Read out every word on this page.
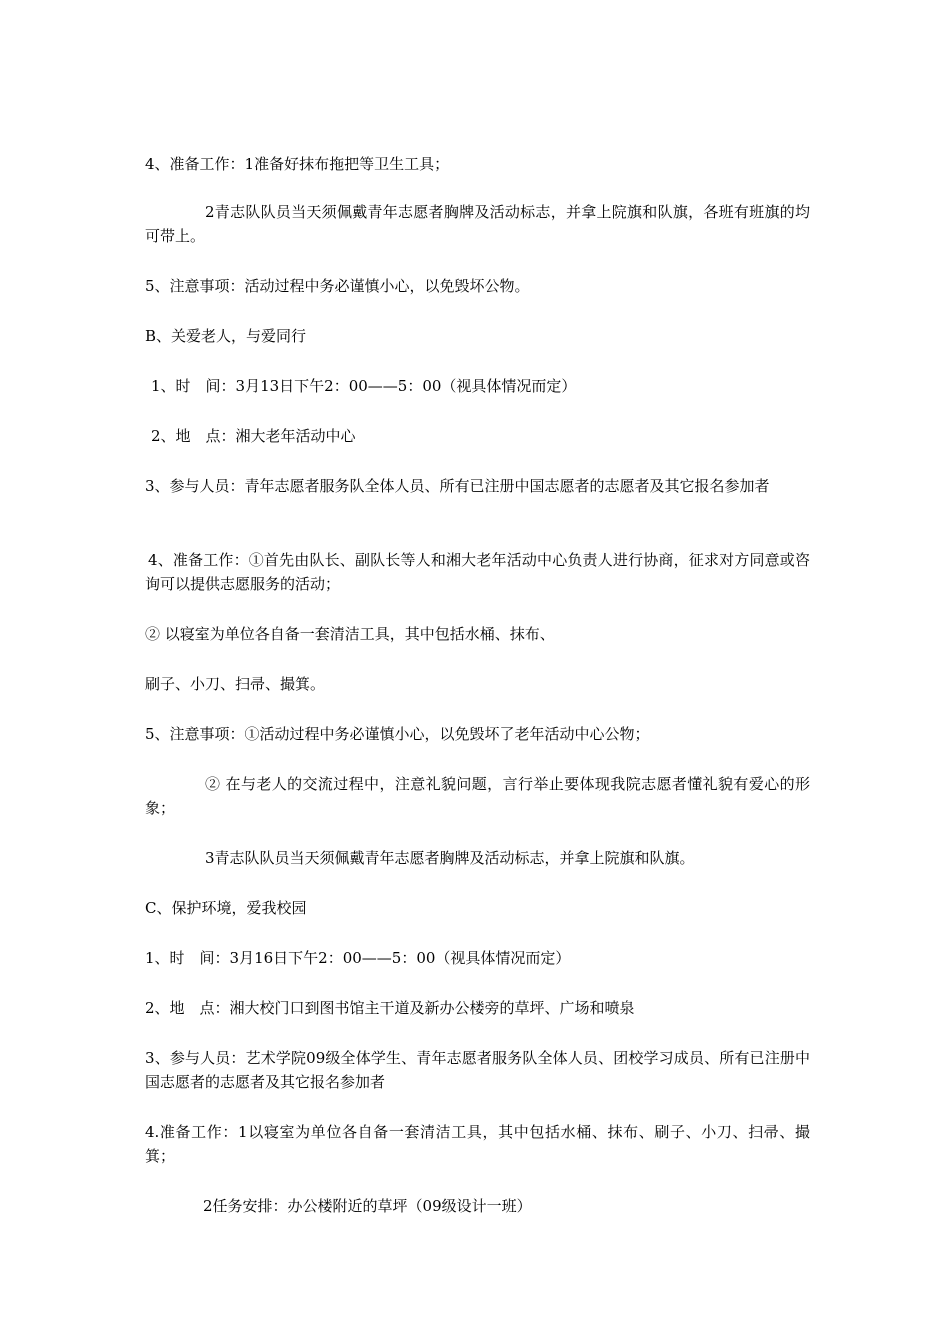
4、准备工作：1准备好抹布拖把等卫生工具；
2青志队队员当天须佩戴青年志愿者胸牌及活动标志，并拿上院旗和队旗，各班有班旗的均可带上。
5、注意事项：活动过程中务必谨慎小心，以免毁坏公物。
B、关爱老人，与爱同行
1、时　间：3月13日下午2：00——5：00（视具体情况而定）
2、地　点：湘大老年活动中心
3、参与人员：青年志愿者服务队全体人员、所有已注册中国志愿者的志愿者及其它报名参加者
4、准备工作：①首先由队长、副队长等人和湘大老年活动中心负责人进行协商，征求对方同意或咨询可以提供志愿服务的活动；
② 以寝室为单位各自备一套清洁工具，其中包括水桶、抹布、
刷子、小刀、扫帚、撮箕。
5、注意事项：①活动过程中务必谨慎小心，以免毁坏了老年活动中心公物；
② 在与老人的交流过程中，注意礼貌问题，言行举止要体现我院志愿者懂礼貌有爱心的形象；
3青志队队员当天须佩戴青年志愿者胸牌及活动标志，并拿上院旗和队旗。
C、保护环境，爱我校园
1、时　间：3月16日下午2：00——5：00（视具体情况而定）
2、地　点：湘大校门口到图书馆主干道及新办公楼旁的草坪、广场和喷泉
3、参与人员：艺术学院09级全体学生、青年志愿者服务队全体人员、团校学习成员、所有已注册中国志愿者的志愿者及其它报名参加者
4.准备工作：1以寝室为单位各自备一套清洁工具，其中包括水桶、抹布、刷子、小刀、扫帚、撮箕；
2任务安排：办公楼附近的草坪（09级设计一班）
